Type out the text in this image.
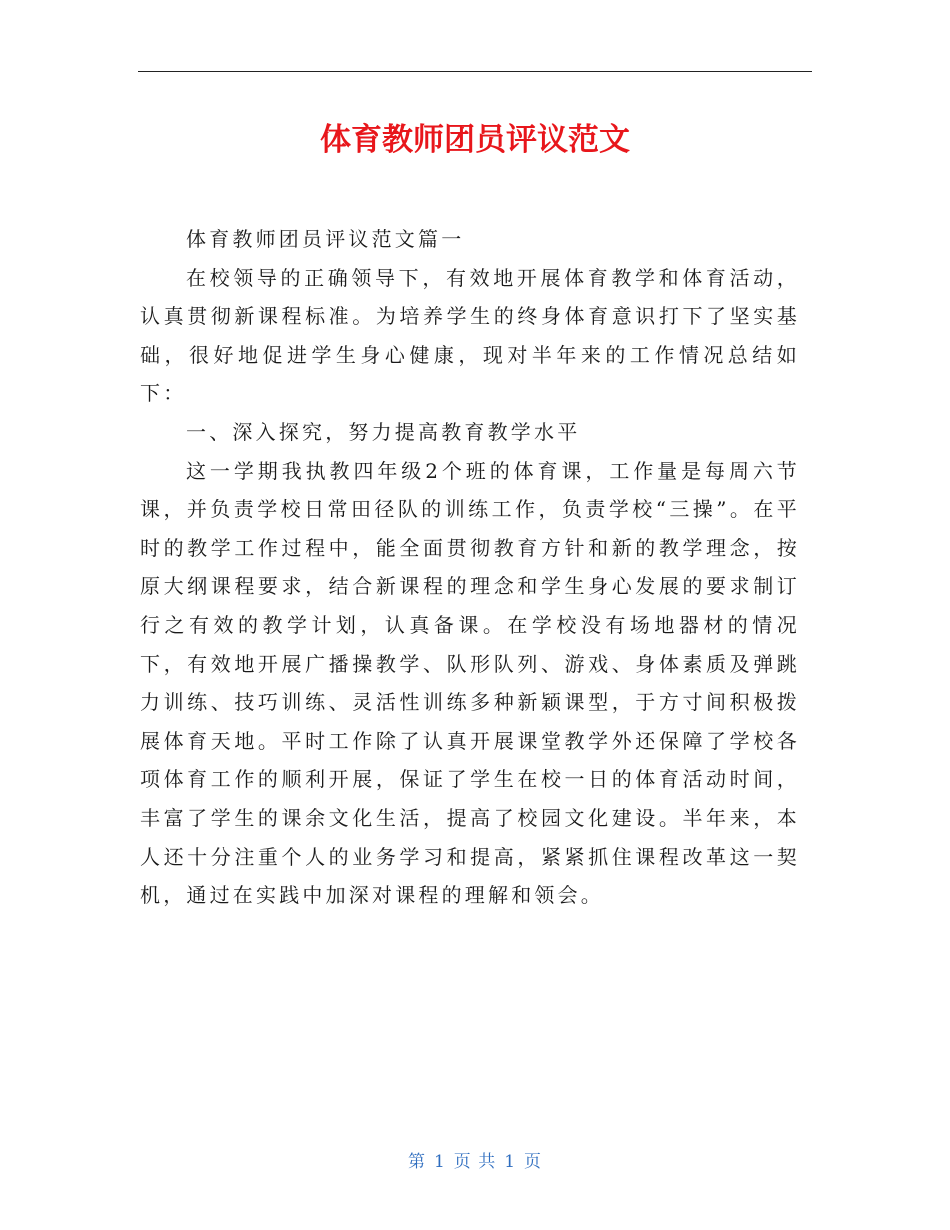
体育教师团员评议范文

体育教师团员评议范文篇一

在校领导的正确领导下，有效地开展体育教学和体育活动，认真贯彻新课程标准。为培养学生的终身体育意识打下了坚实基础，很好地促进学生身心健康，现对半年来的工作情况总结如下：

一、深入探究，努力提高教育教学水平

这一学期我执教四年级2个班的体育课，工作量是每周六节课，并负责学校日常田径队的训练工作，负责学校“三操”。在平时的教学工作过程中，能全面贯彻教育方针和新的教学理念，按原大纲课程要求，结合新课程的理念和学生身心发展的要求制订行之有效的教学计划，认真备课。在学校没有场地器材的情况下，有效地开展广播操教学、队形队列、游戏、身体素质及弹跳力训练、技巧训练、灵活性训练多种新颖课型，于方寸间积极拨展体育天地。平时工作除了认真开展课堂教学外还保障了学校各项体育工作的顺利开展，保证了学生在校一日的体育活动时间，丰富了学生的课余文化生活，提高了校园文化建设。半年来，本人还十分注重个人的业务学习和提高，紧紧抓住课程改革这一契机，通过在实践中加深对课程的理解和领会。

第 1 页 共 1 页
